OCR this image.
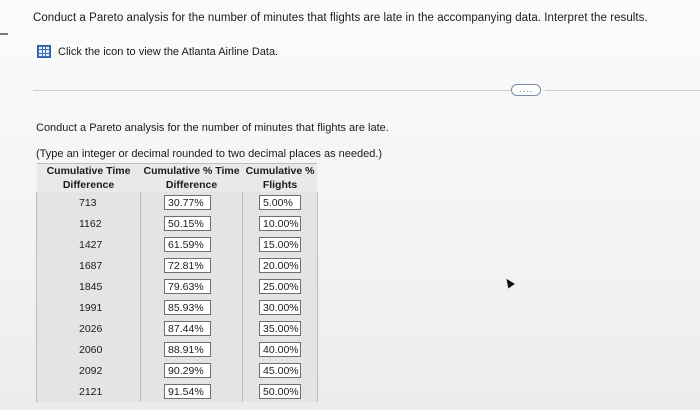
Conduct a Pareto analysis for the number of minutes that flights are late in the accompanying data. Interpret the results.
Click the icon to view the Atlanta Airline Data.
....
Conduct a Pareto analysis for the number of minutes that flights are late.
(Type an integer or decimal rounded to two decimal places as needed.)
Cumulative Time	Cumulative % Time	Cumulative %
Difference	Difference	Flights
713	30.77%	5.00%
1162	50.15%	10.00%
1427	61.59%	15.00%
1687	72.81%	20.00%
1845	79.63%	25.00%
1991	85.93%	30.00%
2026	87.44%	35.00%
2060	88.91%	40.00%
2092	90.29%	45.00%
2121	91.54%	50.00%
